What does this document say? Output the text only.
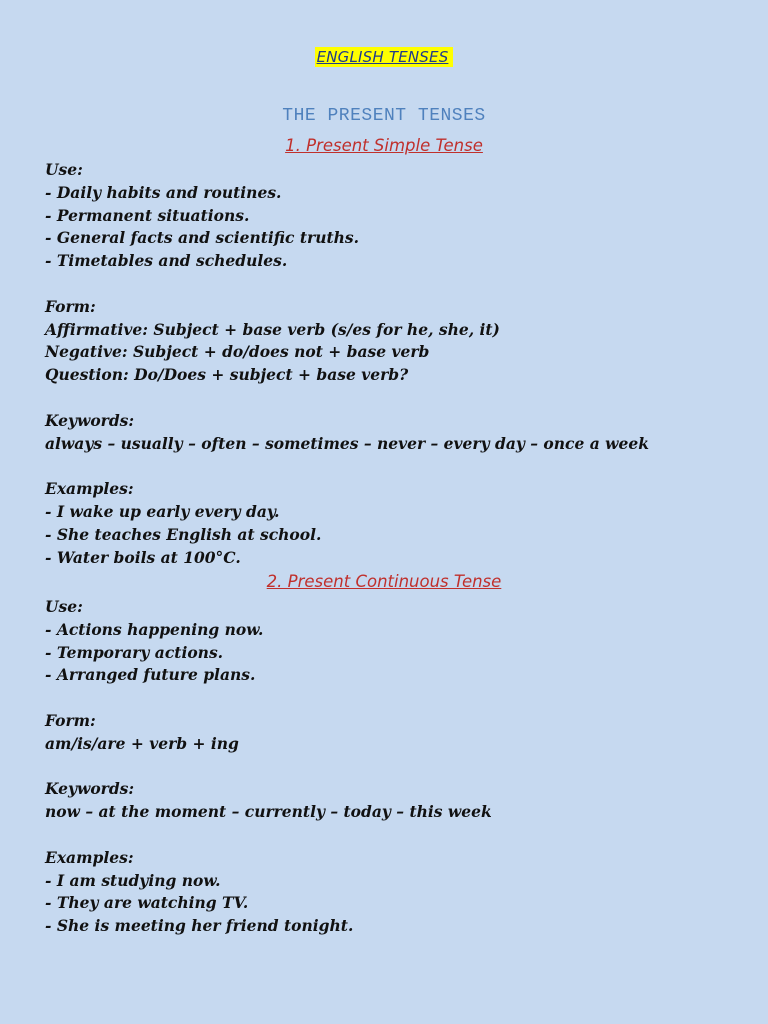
ENGLISH TENSES
THE PRESENT TENSES
1. Present Simple Tense

Use:

- Daily habits and routines.

- Permanent situations.

- General facts and scientific truths.

- Timetables and schedules.

Form:

Affirmative: Subject + base verb (s/es for he, she, it)

Negative: Subject + do/does not + base verb

Question: Do/Does + subject + base verb?

Keywords:

always – usually – often – sometimes – never – every day – once a week

Examples:

- I wake up early every day.

- She teaches English at school.

- Water boils at 100°C.

2. Present Continuous Tense

Use:

- Actions happening now.

- Temporary actions.

- Arranged future plans.

Form:

am/is/are + verb + ing

Keywords:

now – at the moment – currently – today – this week

Examples:

- I am studying now.

- They are watching TV.

- She is meeting her friend tonight.
